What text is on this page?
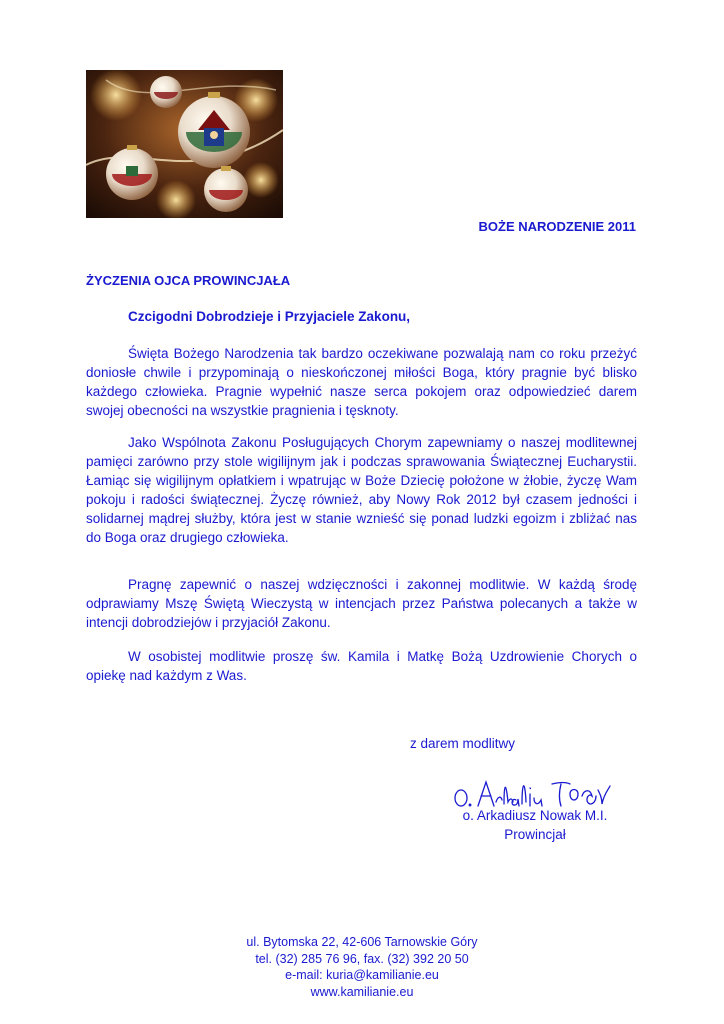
BOŻE NARODZENIE 2011

ŻYCZENIA OJCA PROWINCJAŁA

Czcigodni Dobrodzieje i Przyjaciele Zakonu,

Święta Bożego Narodzenia tak bardzo oczekiwane pozwalają nam co roku przeżyć doniosłe chwile i przypominają o nieskończonej miłości Boga, który pragnie być blisko każdego człowieka. Pragnie wypełnić nasze serca pokojem oraz odpowiedzieć darem swojej obecności na wszystkie pragnienia i tęsknoty.

Jako Wspólnota Zakonu Posługujących Chorym zapewniamy o naszej modlitewnej pamięci zarówno przy stole wigilijnym jak i podczas sprawowania Świątecznej Eucharystii. Łamiąc się wigilijnym opłatkiem i wpatrując w Boże Dziecię położone w żłobie, życzę Wam pokoju i radości świątecznej. Życzę również, aby Nowy Rok 2012 był czasem jedności i solidarnej mądrej służby, która jest w stanie wznieść się ponad ludzki egoizm i zbliżać nas do Boga oraz drugiego człowieka.

Pragnę zapewnić o naszej wdzięczności i zakonnej modlitwie. W każdą środę odprawiamy Mszę Świętą Wieczystą w intencjach przez Państwa polecanych a także w intencji dobrodziejów i przyjaciół Zakonu.

W osobistej modlitwie proszę św. Kamila i Matkę Bożą Uzdrowienie Chorych o opiekę nad każdym z Was.

z darem modlitwy

o. Arkadiusz Nowak M.I.
Prowincjał

ul. Bytomska 22, 42-606 Tarnowskie Góry
tel. (32) 285 76 96, fax. (32) 392 20 50
e-mail: kuria@kamilianie.eu
www.kamilianie.eu
